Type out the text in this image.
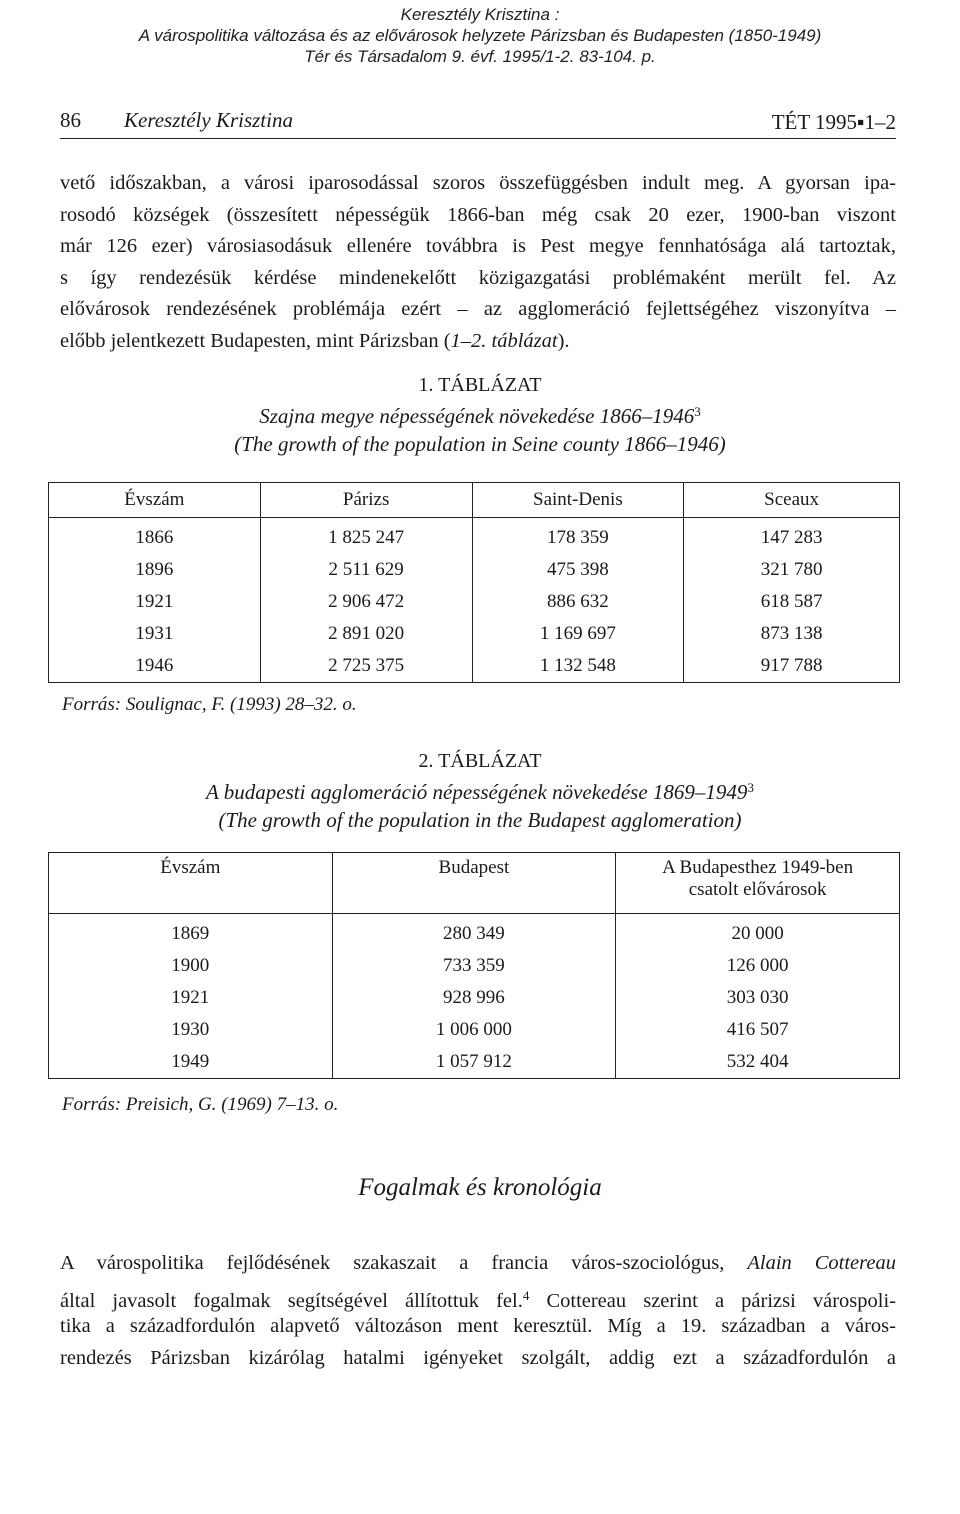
Keresztély Krisztina :
A várospolitika változása és az elővárosok helyzete Párizsban és Budapesten (1850-1949)
Tér és Társadalom 9. évf. 1995/1-2. 83-104. p.
86 Keresztély Krisztina	TÉT 1995▪1–2
vető időszakban, a városi iparosodással szoros összefüggésben indult meg. A gyorsan ipa-
rosodó községek (összesített népességük 1866-ban még csak 20 ezer, 1900-ban viszont
már 126 ezer) városiasodásuk ellenére továbbra is Pest megye fennhatósága alá tartoztak,
s így rendezésük kérdése mindenekelőtt közigazgatási problémaként merült fel. Az
elővárosok rendezésének problémája ezért – az agglomeráció fejlettségéhez viszonyítva –
előbb jelentkezett Budapesten, mint Párizsban (1–2. táblázat).
1. TÁBLÁZAT
Szajna megye népességének növekedése 1866–1946$^3$
(The growth of the population in Seine county 1866–1946)
Évszám	Párizs	Saint-Denis	Sceaux
1866	1 825 247	178 359	147 283
1896	2 511 629	475 398	321 780
1921	2 906 472	886 632	618 587
1931	2 891 020	1 169 697	873 138
1946	2 725 375	1 132 548	917 788
Forrás: Soulignac, F. (1993) 28–32. o.
2. TÁBLÁZAT
A budapesti agglomeráció népességének növekedése 1869–1949$^3$
(The growth of the population in the Budapest agglomeration)
Évszám	Budapest	A Budapesthez 1949-ben csatolt elővárosok
1869	280 349	20 000
1900	733 359	126 000
1921	928 996	303 030
1930	1 006 000	416 507
1949	1 057 912	532 404
Forrás: Preisich, G. (1969) 7–13. o.
Fogalmak és kronológia
A várospolitika fejlődésének szakaszait a francia város-szociológus, Alain Cottereau
által javasolt fogalmak segítségével állítottuk fel.$^4$ Cottereau szerint a párizsi várospoli-
tika a századfordulón alapvető változáson ment keresztül. Míg a 19. században a város-
rendezés Párizsban kizárólag hatalmi igényeket szolgált, addig ezt a századfordulón a
